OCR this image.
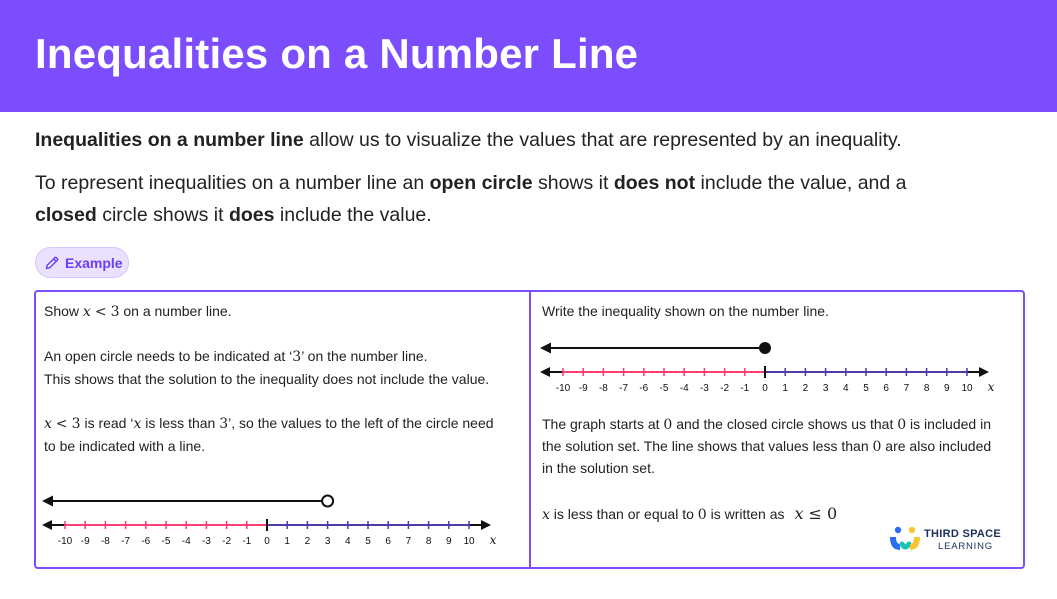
Inequalities on a Number Line
Inequalities on a number line allow us to visualize the values that are represented by an inequality.
To represent inequalities on a number line an open circle shows it does not include the value, and a
closed circle shows it does include the value.
Example
Show x < 3 on a number line.
An open circle needs to be indicated at ‘3’ on the number line.
This shows that the solution to the inequality does not include the value.
x < 3 is read ‘x is less than 3’, so the values to the left of the circle need
to be indicated with a line.
-10 -9 -8 -7 -6 -5 -4 -3 -2 -1 0 1 2 3 4 5 6 7 8 9 10 x
Write the inequality shown on the number line.
-10 -9 -8 -7 -6 -5 -4 -3 -2 -1 0 1 2 3 4 5 6 7 8 9 10 x
The graph starts at 0 and the closed circle shows us that 0 is included in
the solution set. The line shows that values less than 0 are also included
in the solution set.
x is less than or equal to 0 is written as x ≤ 0
THIRD SPACE
LEARNING
